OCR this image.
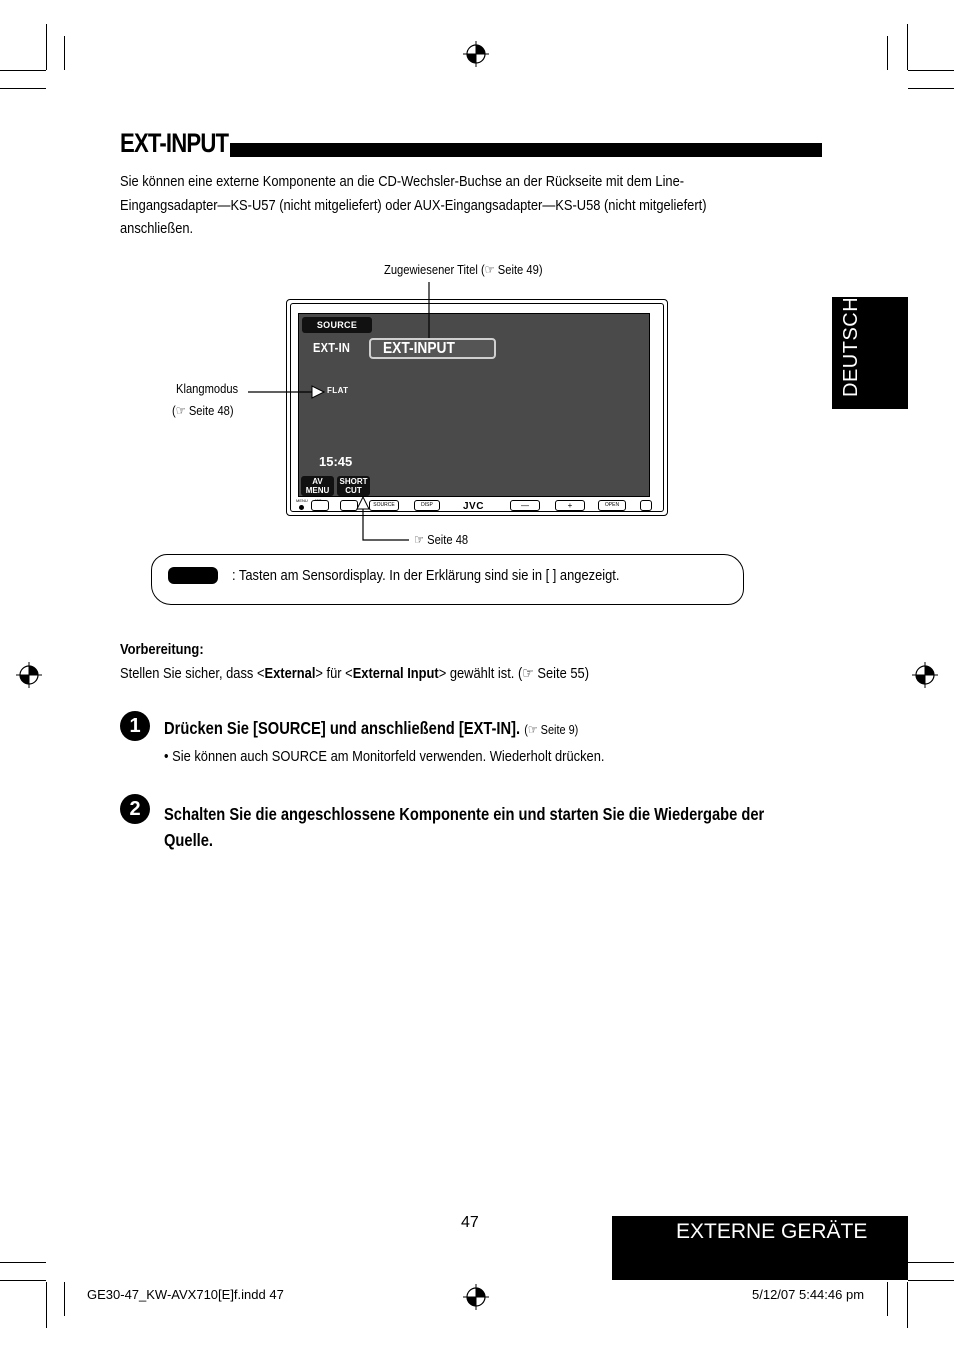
EXT-INPUT
Sie können eine externe Komponente an die CD-Wechsler-Buchse an der Rückseite mit dem Line-
Eingangsadapter—KS-U57 (nicht mitgeliefert) oder AUX-Eingangsadapter—KS-U58 (nicht mitgeliefert)
anschließen.
DEUTSCH
Zugewiesener Titel (☞ Seite 49)
Klangmodus
(☞ Seite 48)
☞ Seite 48
SOURCE
EXT-IN	EXT-INPUT
FLAT
15:45
AV
MENU
SHORT
CUT
MENU
SOURCE	DISP	JVC	—	+	OPEN
: Tasten am Sensordisplay. In der Erklärung sind sie in [ ] angezeigt.
Vorbereitung:
Stellen Sie sicher, dass <External> für <External Input> gewählt ist. (☞ Seite 55)
1	Drücken Sie [SOURCE] und anschließend [EXT-IN]. (☞ Seite 9)
• Sie können auch SOURCE am Monitorfeld verwenden. Wiederholt drücken.
2	Schalten Sie die angeschlossene Komponente ein und starten Sie die Wiedergabe der Quelle.
47	EXTERNE GERÄTE
GE30-47_KW-AVX710[E]f.indd 47	5/12/07 5:44:46 pm
